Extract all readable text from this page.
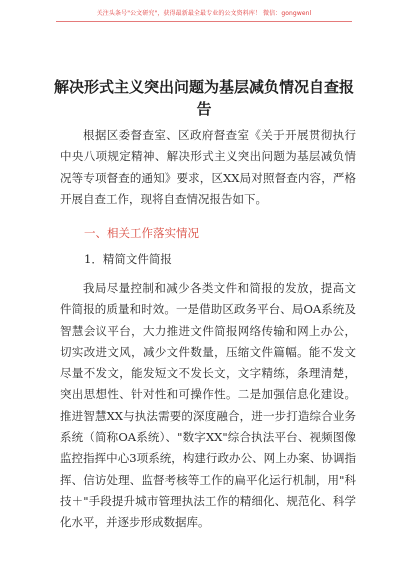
关注头条号"公文研究"，获得最新最全最专业的公文资料库！ 微信：gongwenl
解决形式主义突出问题为基层减负情况自查报告
根据区委督查室、区政府督查室《关于开展贯彻执行中央八项规定精神、解决形式主义突出问题为基层减负情况等专项督查的通知》要求，区XX局对照督查内容，严格开展自查工作，现将自查情况报告如下。
一、相关工作落实情况
1．精简文件简报
我局尽量控制和减少各类文件和简报的发放，提高文件简报的质量和时效。一是借助区政务平台、局OA系统及智慧会议平台，大力推进文件简报网络传输和网上办公，切实改进文风，减少文件数量，压缩文件篇幅。能不发文尽量不发文，能发短文不发长文，文字精练，条理清楚，突出思想性、针对性和可操作性。二是加强信息化建设。推进智慧XX与执法需要的深度融合，进一步打造综合业务系统（简称OA系统）、"数字XX"综合执法平台、视频图像监控指挥中心3项系统，构建行政办公、网上办案、协调指挥、信访处理、监督考核等工作的扁平化运行机制，用"科技＋"手段提升城市管理执法工作的精细化、规范化、科学化水平，并逐步形成数据库。
